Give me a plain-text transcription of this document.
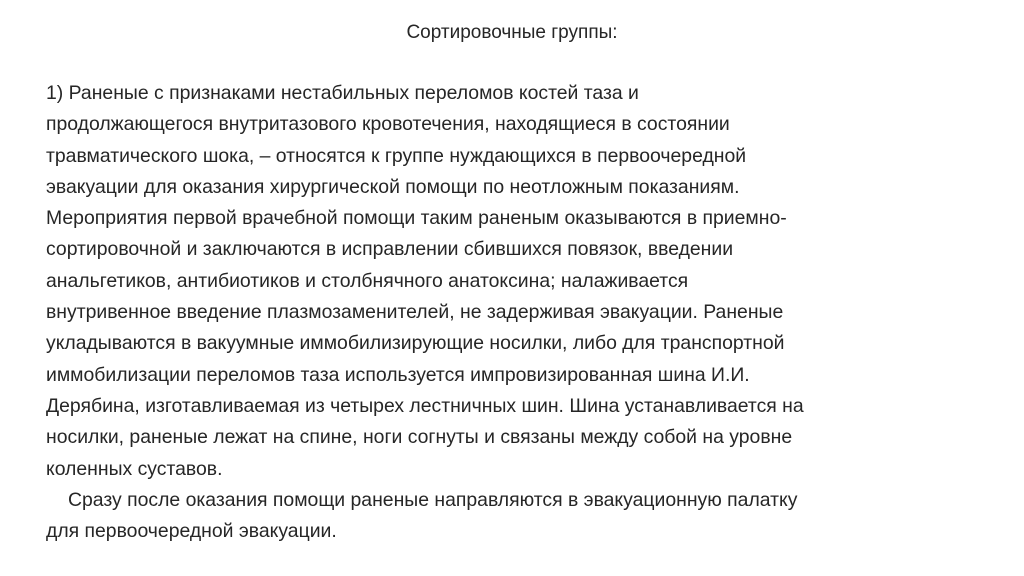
Сортировочные группы:
1) Раненые с признаками нестабильных переломов костей таза и
продолжающегося внутритазового кровотечения, находящиеся в состоянии
травматического шока, – относятся к группе нуждающихся в первоочередной
эвакуации для оказания хирургической помощи по неотложным показаниям.
Мероприятия первой врачебной помощи таким раненым оказываются в приемно-
сортировочной и заключаются в исправлении сбившихся повязок, введении
анальгетиков, антибиотиков и столбнячного анатоксина; налаживается
внутривенное введение плазмозаменителей, не задерживая эвакуации. Раненые
укладываются в вакуумные иммобилизирующие носилки, либо для транспортной
иммобилизации переломов таза используется импровизированная шина И.И.
Дерябина, изготавливаемая из четырех лестничных шин. Шина устанавливается на
носилки, раненые лежат на спине, ноги согнуты и связаны между собой на уровне
коленных суставов.
Сразу после оказания помощи раненые направляются в эвакуационную палатку
для первоочередной эвакуации.
